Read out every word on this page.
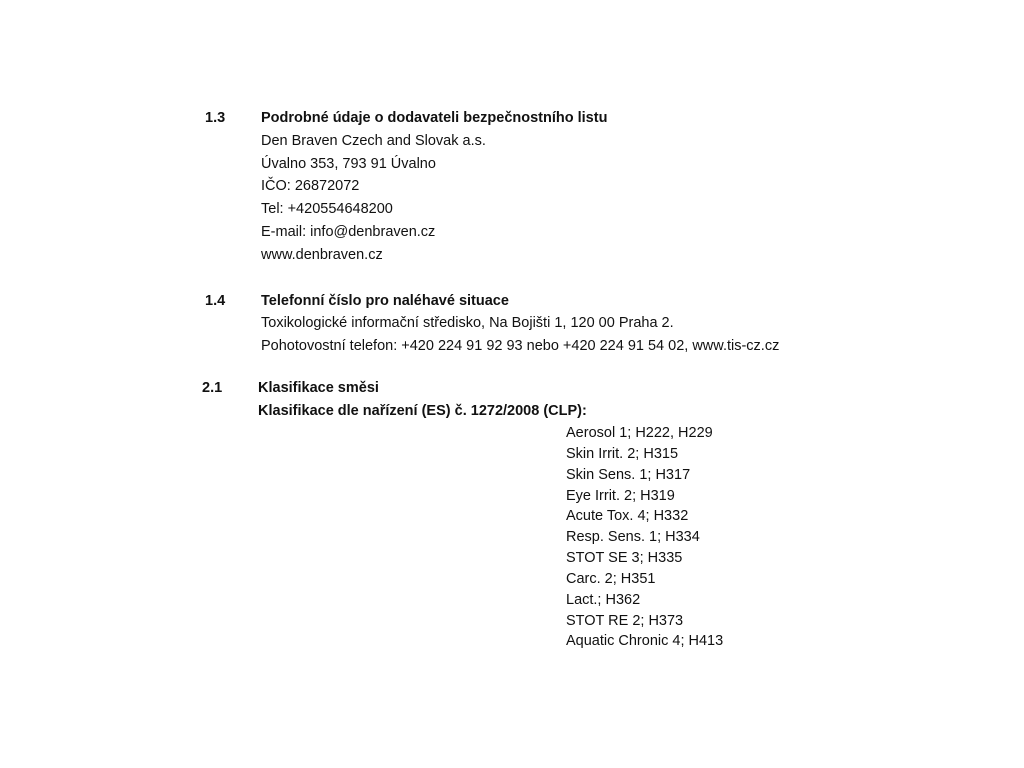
1.3 Podrobné údaje o dodavateli bezpečnostního listu
Den Braven Czech and Slovak a.s.
Úvalno 353, 793 91 Úvalno
IČO: 26872072
Tel: +420554648200
E-mail: info@denbraven.cz
www.denbraven.cz
1.4 Telefonní číslo pro naléhavé situace
Toxikologické informační středisko, Na Bojišti 1, 120 00 Praha 2.
Pohotovostní telefon: +420 224 91 92 93 nebo +420 224 91 54 02, www.tis-cz.cz
2.1 Klasifikace směsi
Klasifikace dle nařízení (ES) č. 1272/2008 (CLP):
Aerosol 1; H222, H229
Skin Irrit. 2; H315
Skin Sens. 1; H317
Eye Irrit. 2; H319
Acute Tox. 4; H332
Resp. Sens. 1; H334
STOT SE 3; H335
Carc. 2; H351
Lact.; H362
STOT RE 2; H373
Aquatic Chronic 4; H413
